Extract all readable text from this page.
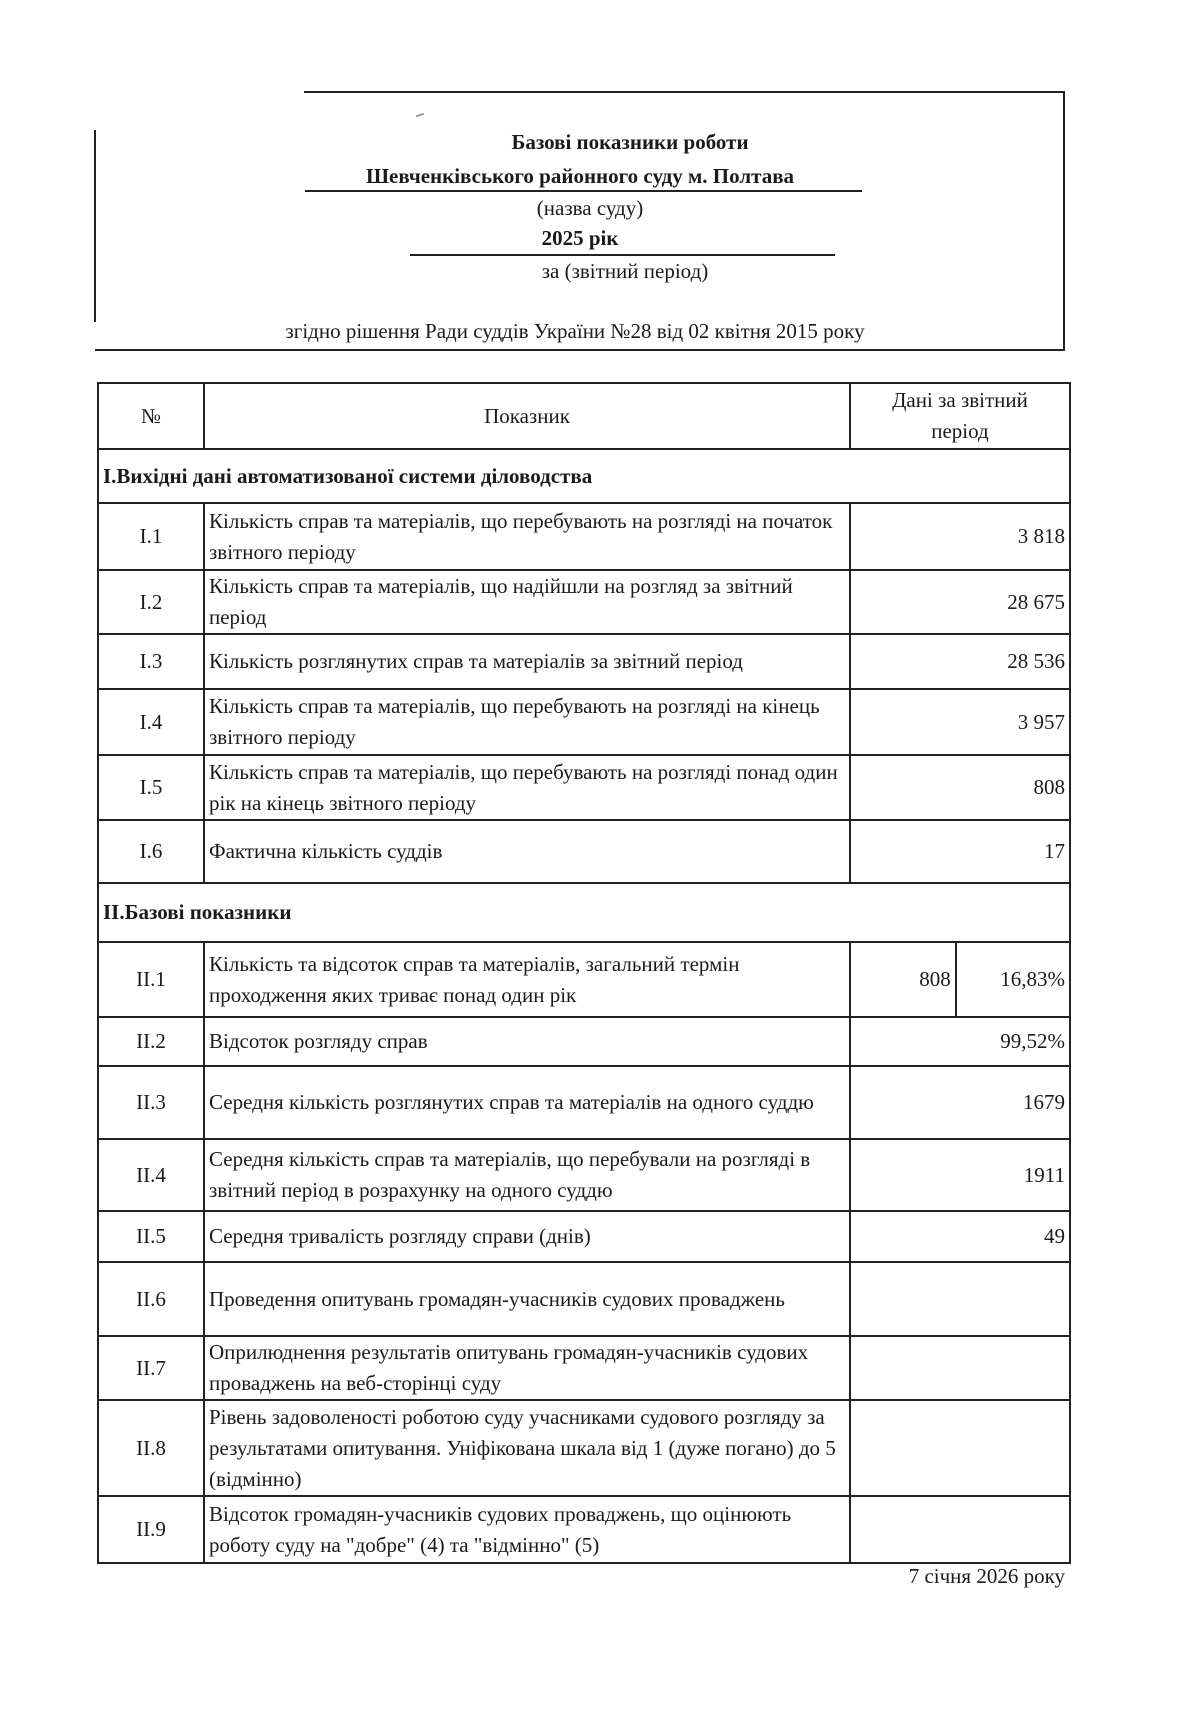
Базові показники роботи
Шевченківського районного суду м. Полтава
(назва суду)
2025 рік
за (звітний період)
згідно рішення Ради суддів України №28 від 02 квітня 2015 року
№	Показник	Дані за звітний період	
І.Вихідні дані автоматизованої системи діловодства			
І.1	Кількість справ та матеріалів, що перебувають на розгляді на початок звітного періоду	3 818	
І.2	Кількість справ та матеріалів, що надійшли на розгляд за звітний період	28 675	
І.3	Кількість розглянутих справ та матеріалів за звітний період	28 536	
І.4	Кількість справ та матеріалів, що перебувають на розгляді на кінець звітного періоду	3 957	
І.5	Кількість справ та матеріалів, що перебувають на розгляді понад один рік на кінець звітного періоду	808	
І.6	Фактична кількість суддів	17	
ІІ.Базові показники			
ІІ.1	Кількість та відсоток справ та матеріалів, загальний термін проходження яких триває понад один рік	808	16,83%
ІІ.2	Відсоток розгляду справ	99,52%	
ІІ.3	Середня кількість розглянутих справ та матеріалів на одного суддю	1679	
ІІ.4	Середня кількість справ та матеріалів, що перебували на розгляді в звітний період в розрахунку на одного суддю	1911	
ІІ.5	Середня тривалість розгляду справи (днів)	49	
ІІ.6	Проведення опитувань громадян-учасників судових проваджень		
ІІ.7	Оприлюднення результатів опитувань громадян-учасників судових проваджень на веб-сторінці суду		
ІІ.8	Рівень задоволеності роботою суду учасниками судового розгляду за результатами опитування. Уніфікована шкала від 1 (дуже погано) до 5 (відмінно)		
ІІ.9	Відсоток громадян-учасників судових проваджень, що оцінюють роботу суду на "добре" (4) та "відмінно" (5)		
7 січня 2026 року
